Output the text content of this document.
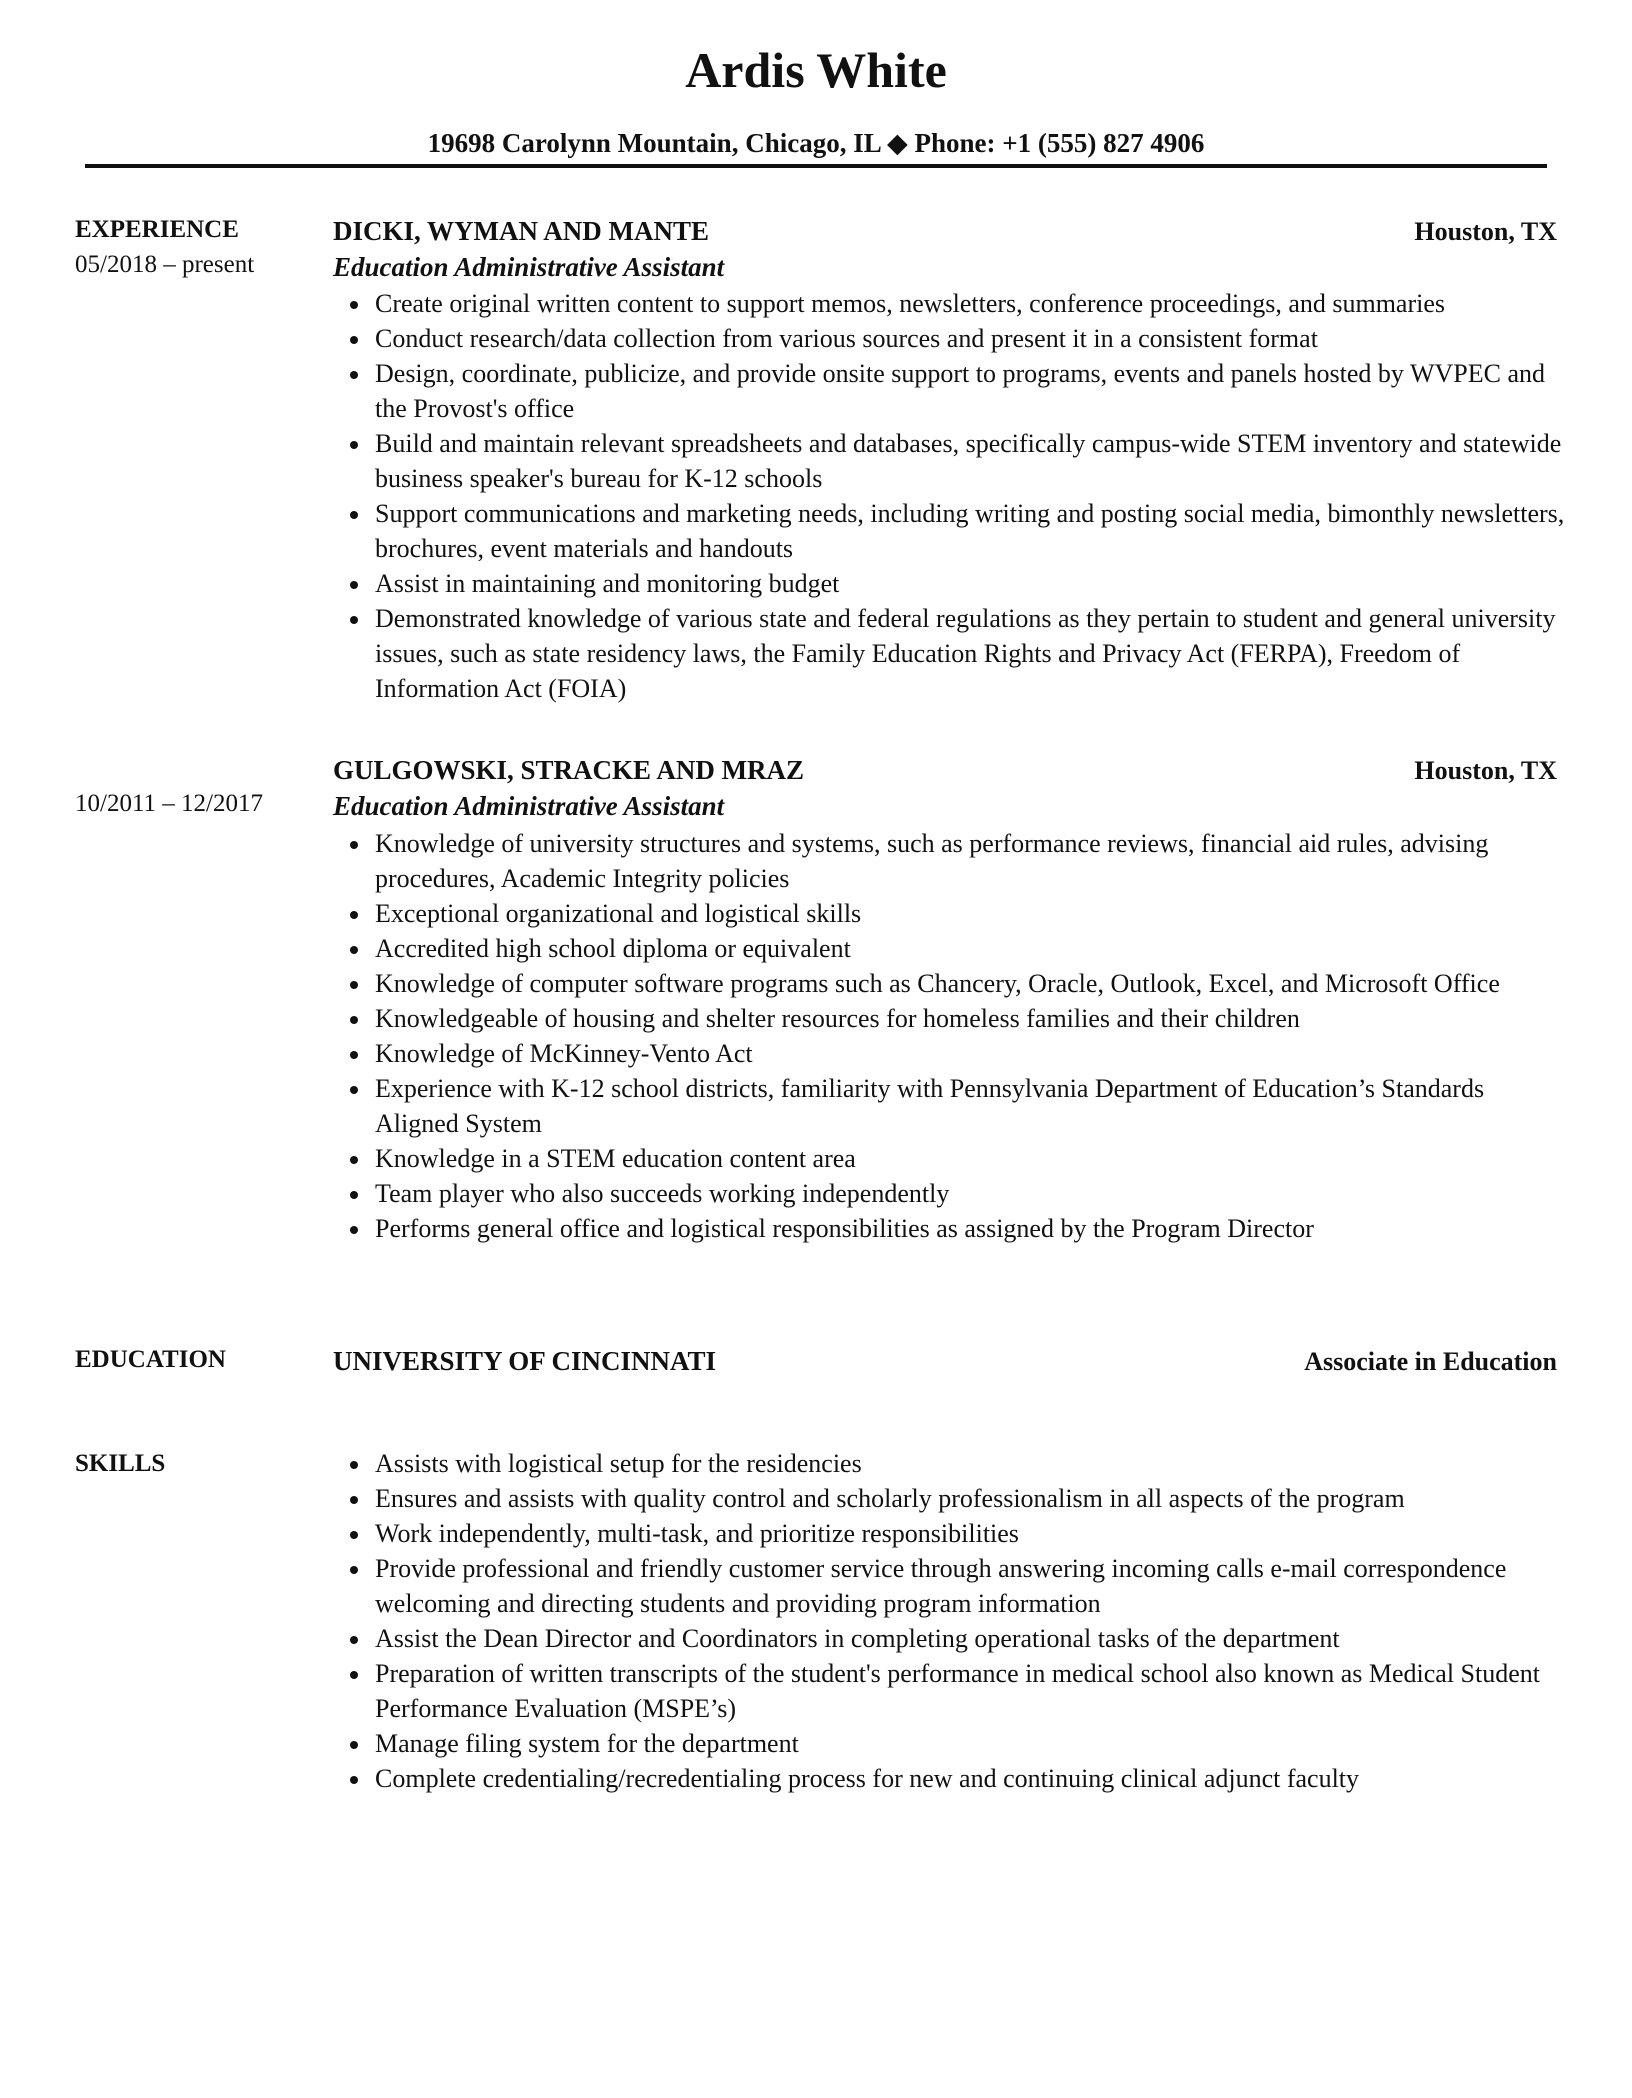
Ardis White
19698 Carolynn Mountain, Chicago, IL ◆ Phone: +1 (555) 827 4906
EXPERIENCE
05/2018 – present
DICKI, WYMAN AND MANTE	Houston, TX
Education Administrative Assistant
Create original written content to support memos, newsletters, conference proceedings, and summaries
Conduct research/data collection from various sources and present it in a consistent format
Design, coordinate, publicize, and provide onsite support to programs, events and panels hosted by WVPEC and the Provost's office
Build and maintain relevant spreadsheets and databases, specifically campus-wide STEM inventory and statewide business speaker's bureau for K-12 schools
Support communications and marketing needs, including writing and posting social media, bimonthly newsletters, brochures, event materials and handouts
Assist in maintaining and monitoring budget
Demonstrated knowledge of various state and federal regulations as they pertain to student and general university issues, such as state residency laws, the Family Education Rights and Privacy Act (FERPA), Freedom of Information Act (FOIA)
10/2011 – 12/2017
GULGOWSKI, STRACKE AND MRAZ	Houston, TX
Education Administrative Assistant
Knowledge of university structures and systems, such as performance reviews, financial aid rules, advising procedures, Academic Integrity policies
Exceptional organizational and logistical skills
Accredited high school diploma or equivalent
Knowledge of computer software programs such as Chancery, Oracle, Outlook, Excel, and Microsoft Office
Knowledgeable of housing and shelter resources for homeless families and their children
Knowledge of McKinney-Vento Act
Experience with K-12 school districts, familiarity with Pennsylvania Department of Education’s Standards Aligned System
Knowledge in a STEM education content area
Team player who also succeeds working independently
Performs general office and logistical responsibilities as assigned by the Program Director
EDUCATION	UNIVERSITY OF CINCINNATI	Associate in Education
SKILLS	Assists with logistical setup for the residencies
Ensures and assists with quality control and scholarly professionalism in all aspects of the program
Work independently, multi-task, and prioritize responsibilities
Provide professional and friendly customer service through answering incoming calls e-mail correspondence welcoming and directing students and providing program information
Assist the Dean Director and Coordinators in completing operational tasks of the department
Preparation of written transcripts of the student's performance in medical school also known as Medical Student Performance Evaluation (MSPE’s)
Manage filing system for the department
Complete credentialing/recredentialing process for new and continuing clinical adjunct faculty
